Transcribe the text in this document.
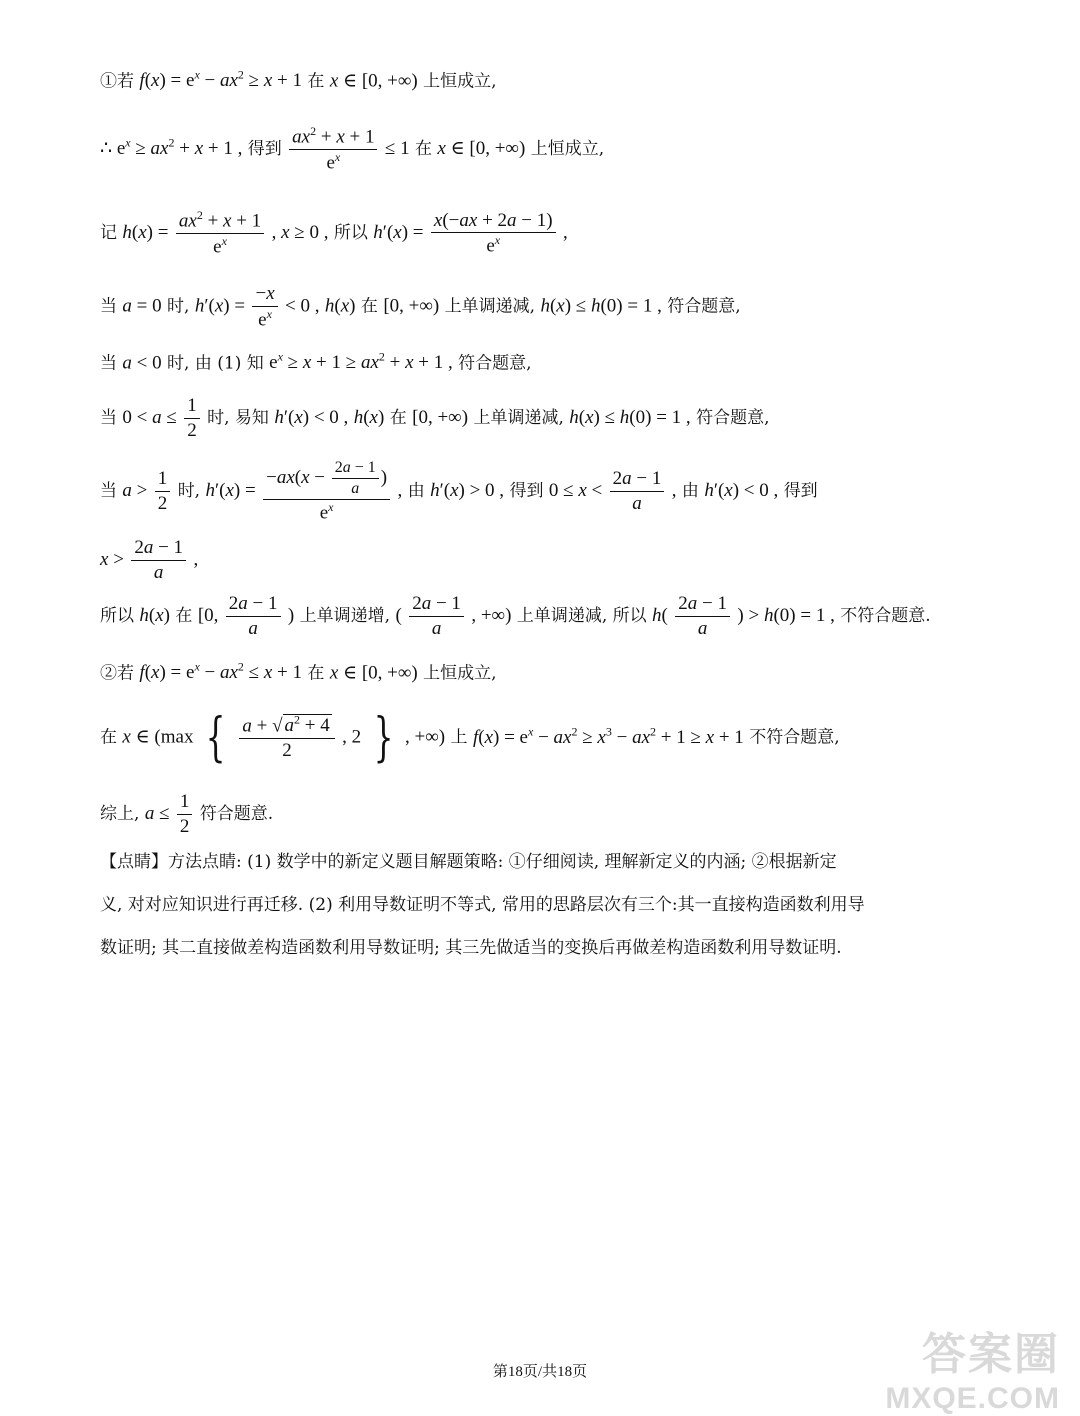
①若 $f(x) = e^x - ax^2 \ge x + 1$ 在 x ∈ [0, +∞) 上恒成立,
∴ $e^x \ge ax^2 + x + 1$ , 得到 $\frac{ax^2 + x + 1}{e^x} \le 1$ 在 x ∈ [0, +∞) 上恒成立,
记 $h(x) = \frac{ax^2 + x + 1}{e^x}$ , x ≥ 0 , 所以 $h'(x) = \frac{x(-ax + 2a - 1)}{e^x}$ ,
当 a = 0 时, $h'(x) = \frac{-x}{e^x} < 0$ , h(x) 在 [0, +∞) 上单调递减, h(x) ≤ h(0) = 1 , 符合题意,
当 a < 0 时, 由 (1) 知 $e^x \ge x + 1 \ge ax^2 + x + 1$ , 符合题意,
当 $0 < a \le \frac{1}{2}$ 时, 易知 h′(x) < 0 , h(x) 在 [0, +∞) 上单调递减, h(x) ≤ h(0) = 1 , 符合题意,
当 $a > \frac{1}{2}$ 时, $h'(x) = \frac{-ax(x - \frac{2a - 1}{a} )}{e^x}$ , 由 h′(x) > 0 , 得到 $0 \le x < \frac{2a - 1}{a}$ , 由 h′(x) < 0 , 得到
$x > \frac{2a - 1}{a}$ ,
所以 h(x) 在 [0, $\frac{2a - 1}{a}$ ) 上单调递增, ( $\frac{2a - 1}{a}$ , +∞) 上单调递减, 所以 $h( \frac{2a - 1}{a}$ ) > h(0) = 1 , 不符合题意.
②若 $f(x) = e^x - ax^2 \le x + 1$ 在 x ∈ [0, +∞) 上恒成立,
在 x ∈ (max { $\frac{a + √ a^2 + 4}{2}$ , 2 } , +∞) 上 $f(x) = e^x - ax^2 \ge x^3 - ax^2 + 1 \ge x + 1$ 不符合题意,
综上, $a \le \frac{1}{2}$ 符合题意.
【点睛】方法点睛: (1) 数学中的新定义题目解题策略: ①仔细阅读, 理解新定义的内涵; ②根据新定
义, 对对应知识进行再迁移. (2) 利用导数证明不等式, 常用的思路层次有三个:其一直接构造函数利用导
数证明; 其二直接做差构造函数利用导数证明; 其三先做适当的变换后再做差构造函数利用导数证明.
第18页/共18页	答案圈
MXQE.COM
